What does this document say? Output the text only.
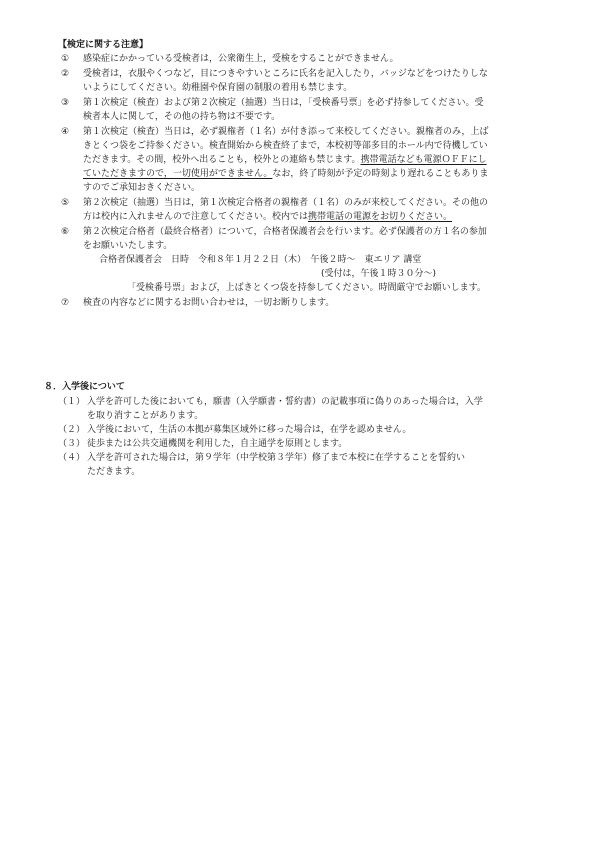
【検定に関する注意】
①	感染症にかかっている受検者は，公衆衛生上，受検をすることができません。
②	受検者は，衣服やくつなど，目につきやすいところに氏名を記入したり，バッジなどをつけたりしな
いようにしてください。幼稚園や保育園の制服の着用も禁じます。
③	第１次検定（検査）および第２次検定（抽選）当日は，「受検番号票」を必ず持参してください。受
検者本人に関して，その他の持ち物は不要です。
④	第１次検定（検査）当日は，必ず親権者（１名）が付き添って来校してください。親権者のみ，上ば
きとくつ袋をご持参ください。検査開始から検査終了まで，本校初等部多目的ホール内で待機してい
ただきます。その間，校外へ出ることも，校外との連絡も禁じます。携帯電話なども電源ＯＦＦにし
ていただきますので，一切使用ができません。なお，終了時刻が予定の時刻より遅れることもありま
すのでご承知おきください。
⑤	第２次検定（抽選）当日は，第１次検定合格者の親権者（１名）のみが来校してください。その他の
方は校内に入れませんので注意してください。校内では携帯電話の電源をお切りください。
⑥	第２次検定合格者（最終合格者）について，合格者保護者会を行います。必ず保護者の方１名の参加
をお願いいたします。
合格者保護者会　日時　令和８年１月２２日（木）　午後２時～　東エリア 講堂
(受付は，午後１時３０分～)
「受検番号票」および，上ばきとくつ袋を持参してください。時間厳守でお願いします。
⑦	検査の内容などに関するお問い合わせは，一切お断りします。
８．入学後について
（１） 入学を許可した後においても，願書（入学願書・誓約書）の記載事項に偽りのあった場合は，入学
を取り消すことがあります。
（２） 入学後において，生活の本拠が募集区域外に移った場合は，在学を認めません。
（３） 徒歩または公共交通機関を利用した，自主通学を原則とします。
（４） 入学を許可された場合は，第９学年（中学校第３学年）修了まで本校に在学することを誓約い
ただきます。
